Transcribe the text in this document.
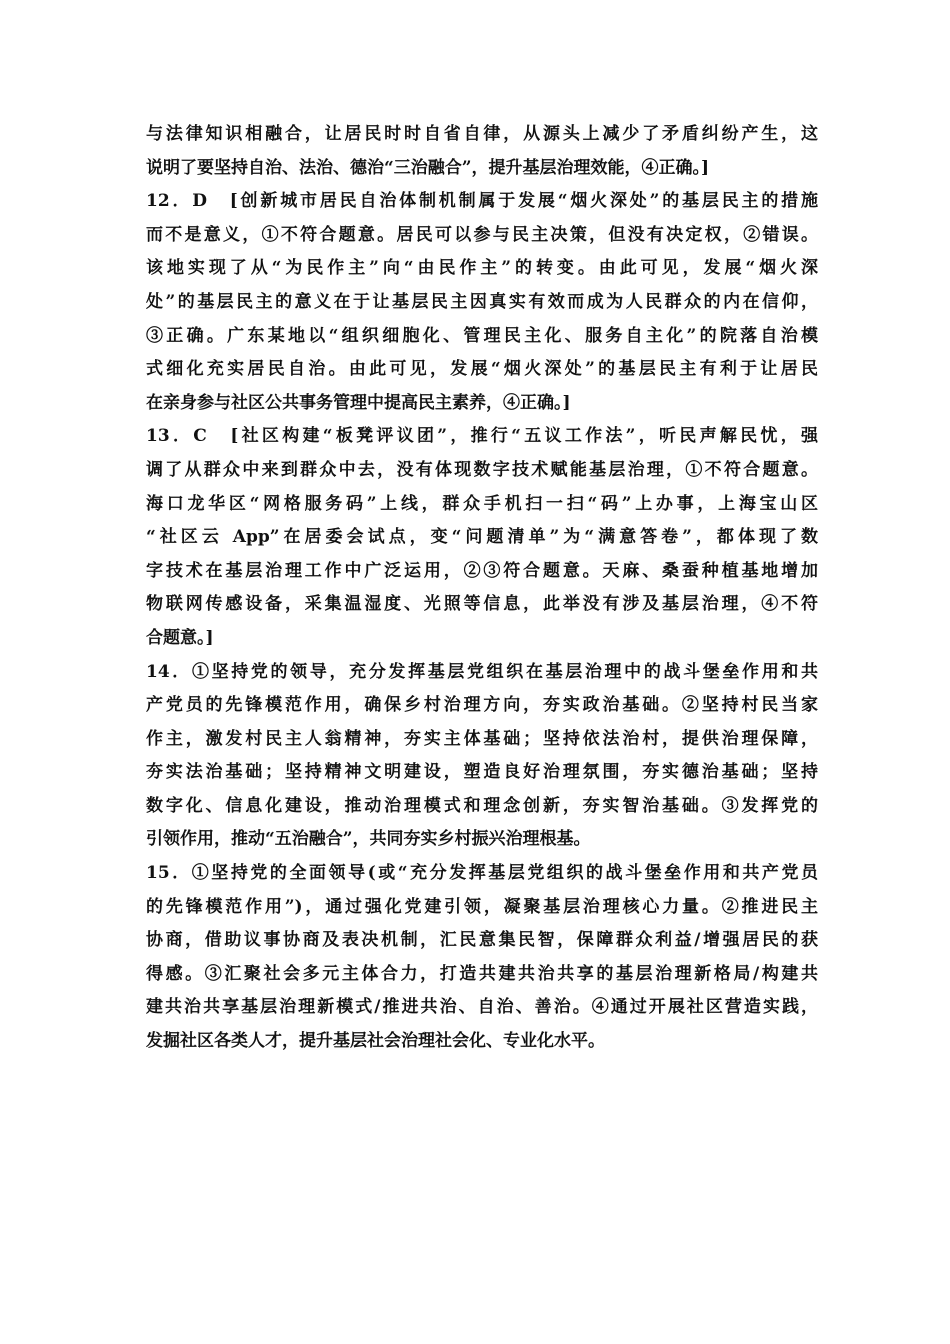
与法律知识相融合，让居民时时自省自律，从源头上减少了矛盾纠纷产生，这
说明了要坚持自治、法治、德治“三治融合”，提升基层治理效能，④正确。]
12．D　[创新城市居民自治体制机制属于发展“烟火深处”的基层民主的措施
而不是意义，①不符合题意。居民可以参与民主决策，但没有决定权，②错误。
该地实现了从“为民作主”向“由民作主”的转变。由此可见，发展“烟火深
处”的基层民主的意义在于让基层民主因真实有效而成为人民群众的内在信仰，
③正确。广东某地以“组织细胞化、管理民主化、服务自主化”的院落自治模
式细化充实居民自治。由此可见，发展“烟火深处”的基层民主有利于让居民
在亲身参与社区公共事务管理中提高民主素养，④正确。]
13．C　[社区构建“板凳评议团”，推行“五议工作法”，听民声解民忧，强
调了从群众中来到群众中去，没有体现数字技术赋能基层治理，①不符合题意。
海口龙华区“网格服务码”上线，群众手机扫一扫“码”上办事，上海宝山区
“社区云 App”在居委会试点，变“问题清单”为“满意答卷”，都体现了数
字技术在基层治理工作中广泛运用，②③符合题意。天麻、桑蚕种植基地增加
物联网传感设备，采集温湿度、光照等信息，此举没有涉及基层治理，④不符
合题意。]
14．①坚持党的领导，充分发挥基层党组织在基层治理中的战斗堡垒作用和共
产党员的先锋模范作用，确保乡村治理方向，夯实政治基础。②坚持村民当家
作主，激发村民主人翁精神，夯实主体基础；坚持依法治村，提供治理保障，
夯实法治基础；坚持精神文明建设，塑造良好治理氛围，夯实德治基础；坚持
数字化、信息化建设，推动治理模式和理念创新，夯实智治基础。③发挥党的
引领作用，推动“五治融合”，共同夯实乡村振兴治理根基。
15．①坚持党的全面领导(或“充分发挥基层党组织的战斗堡垒作用和共产党员
的先锋模范作用”)，通过强化党建引领，凝聚基层治理核心力量。②推进民主
协商，借助议事协商及表决机制，汇民意集民智，保障群众利益/增强居民的获
得感。③汇聚社会多元主体合力，打造共建共治共享的基层治理新格局/构建共
建共治共享基层治理新模式/推进共治、自治、善治。④通过开展社区营造实践，
发掘社区各类人才，提升基层社会治理社会化、专业化水平。
